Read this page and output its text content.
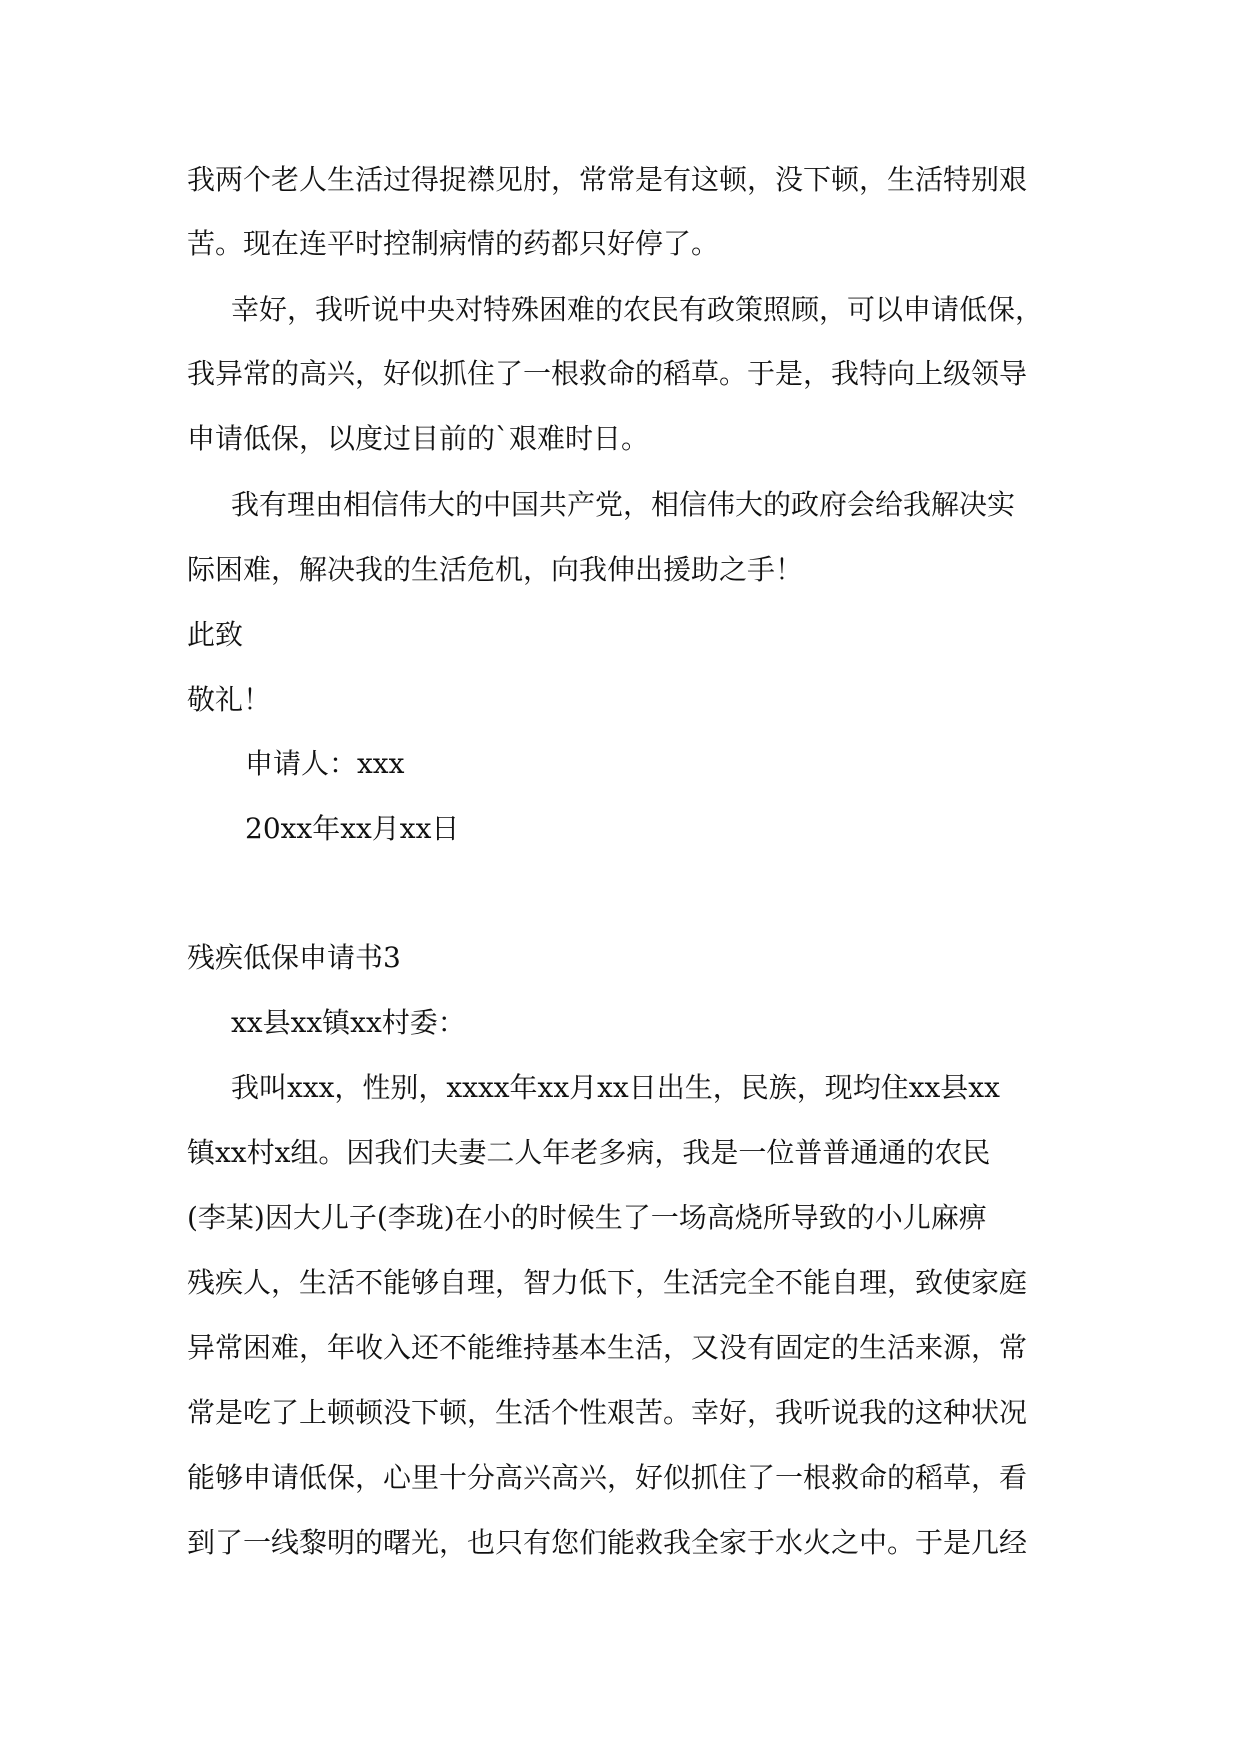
我两个老人生活过得捉襟见肘，常常是有这顿，没下顿，生活特别艰
苦。现在连平时控制病情的药都只好停了。
幸好，我听说中央对特殊困难的农民有政策照顾，可以申请低保，
我异常的高兴，好似抓住了一根救命的稻草。于是，我特向上级领导
申请低保，以度过目前的`艰难时日。
我有理由相信伟大的中国共产党，相信伟大的政府会给我解决实
际困难，解决我的生活危机，向我伸出援助之手！
此致
敬礼！
申请人：xxx
20xx年xx月xx日
残疾低保申请书3
xx县xx镇xx村委：
我叫xxx，性别，xxxx年xx月xx日出生，民族，现均住xx县xx
镇xx村x组。因我们夫妻二人年老多病，我是一位普普通通的农民
(李某)因大儿子(李珑)在小的时候生了一场高烧所导致的小儿麻痹
残疾人，生活不能够自理，智力低下，生活完全不能自理，致使家庭
异常困难，年收入还不能维持基本生活，又没有固定的生活来源，常
常是吃了上顿顿没下顿，生活个性艰苦。幸好，我听说我的这种状况
能够申请低保，心里十分高兴高兴，好似抓住了一根救命的稻草，看
到了一线黎明的曙光，也只有您们能救我全家于水火之中。于是几经
